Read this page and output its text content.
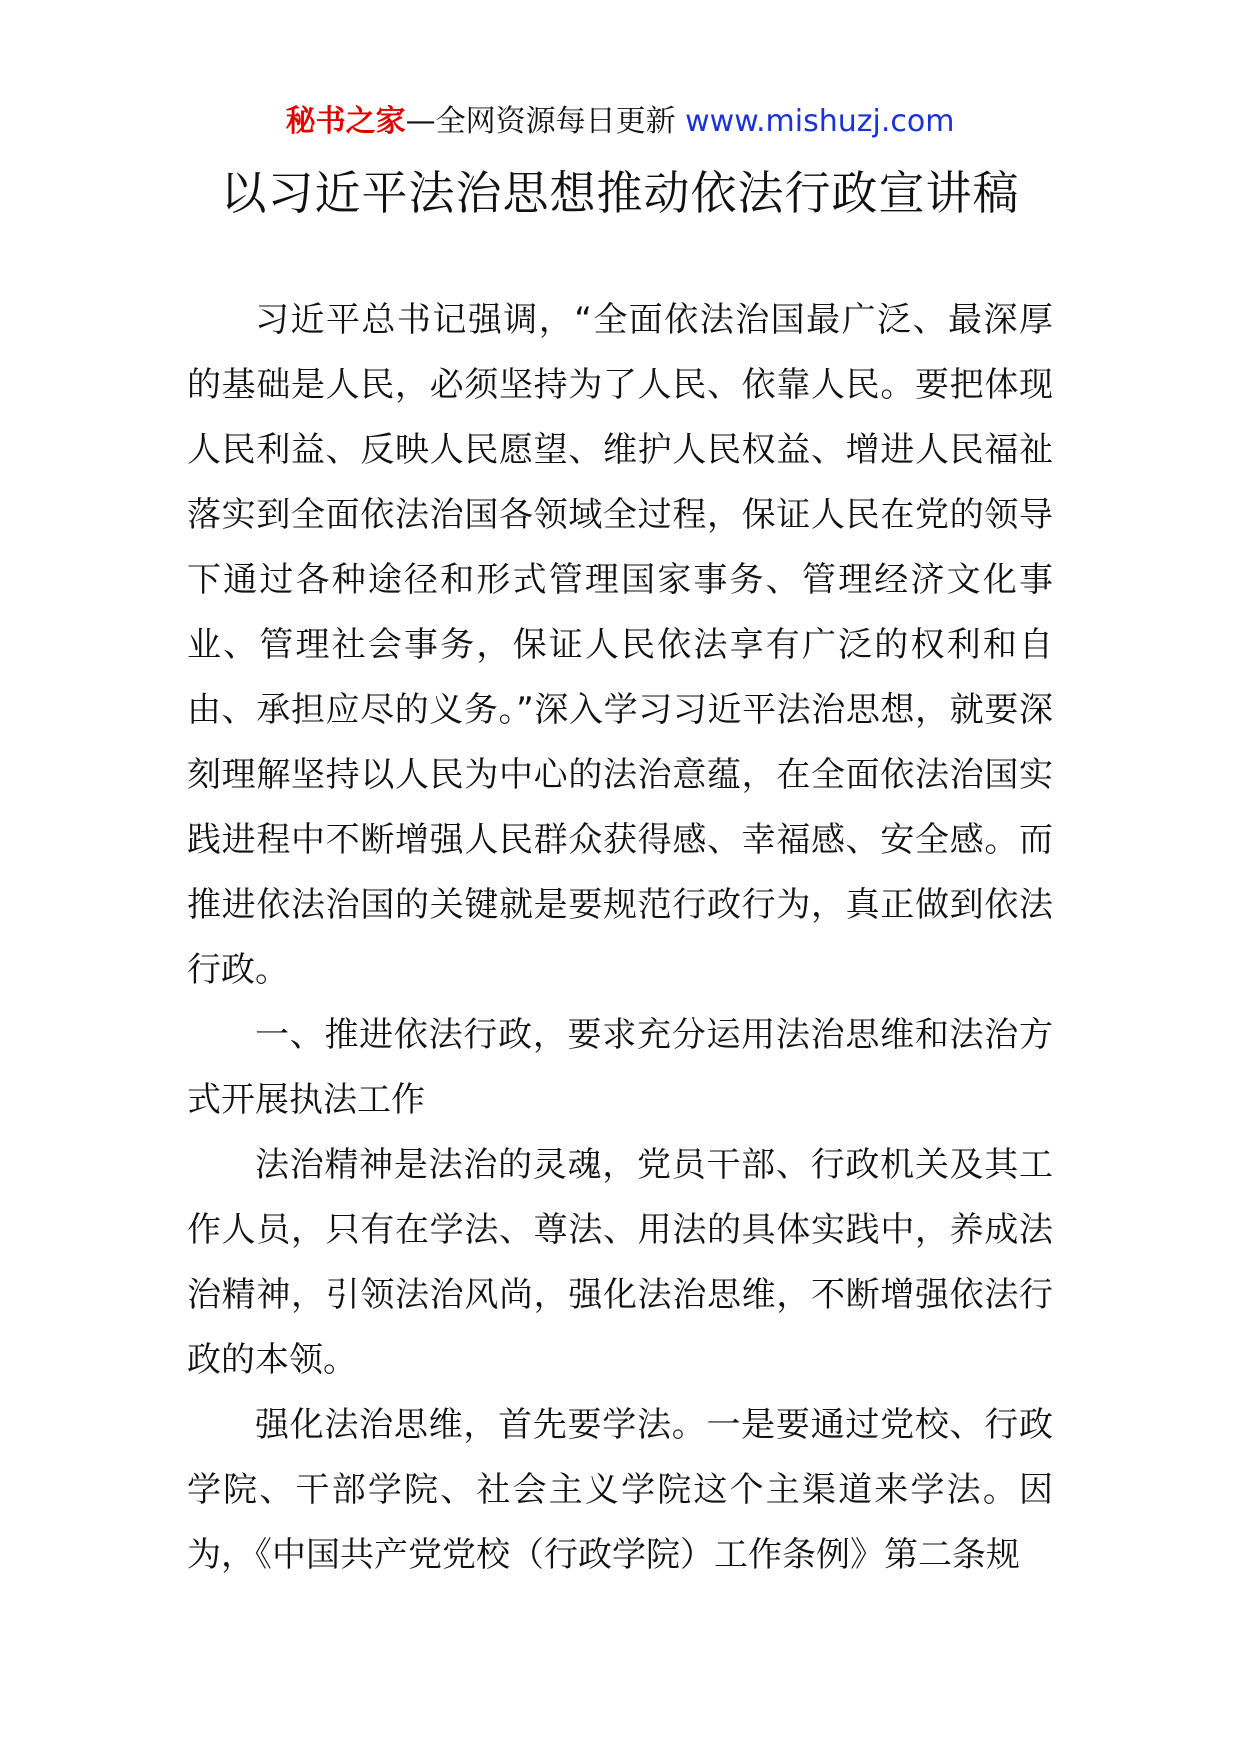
秘书之家—全网资源每日更新 www.mishuzj.com
以习近平法治思想推动依法行政宣讲稿

习近平总书记强调，“全面依法治国最广泛、最深厚的基础是人民，必须坚持为了人民、依靠人民。要把体现人民利益、反映人民愿望、维护人民权益、增进人民福祉落实到全面依法治国各领域全过程，保证人民在党的领导下通过各种途径和形式管理国家事务、管理经济文化事业、管理社会事务，保证人民依法享有广泛的权利和自由、承担应尽的义务。”深入学习习近平法治思想，就要深刻理解坚持以人民为中心的法治意蕴，在全面依法治国实践进程中不断增强人民群众获得感、幸福感、安全感。而推进依法治国的关键就是要规范行政行为，真正做到依法行政。

一、推进依法行政，要求充分运用法治思维和法治方式开展执法工作

法治精神是法治的灵魂，党员干部、行政机关及其工作人员，只有在学法、尊法、用法的具体实践中，养成法治精神，引领法治风尚，强化法治思维，不断增强依法行政的本领。

强化法治思维，首先要学法。一是要通过党校、行政学院、干部学院、社会主义学院这个主渠道来学法。因为，《中国共产党党校（行政学院）工作条例》第二条规
